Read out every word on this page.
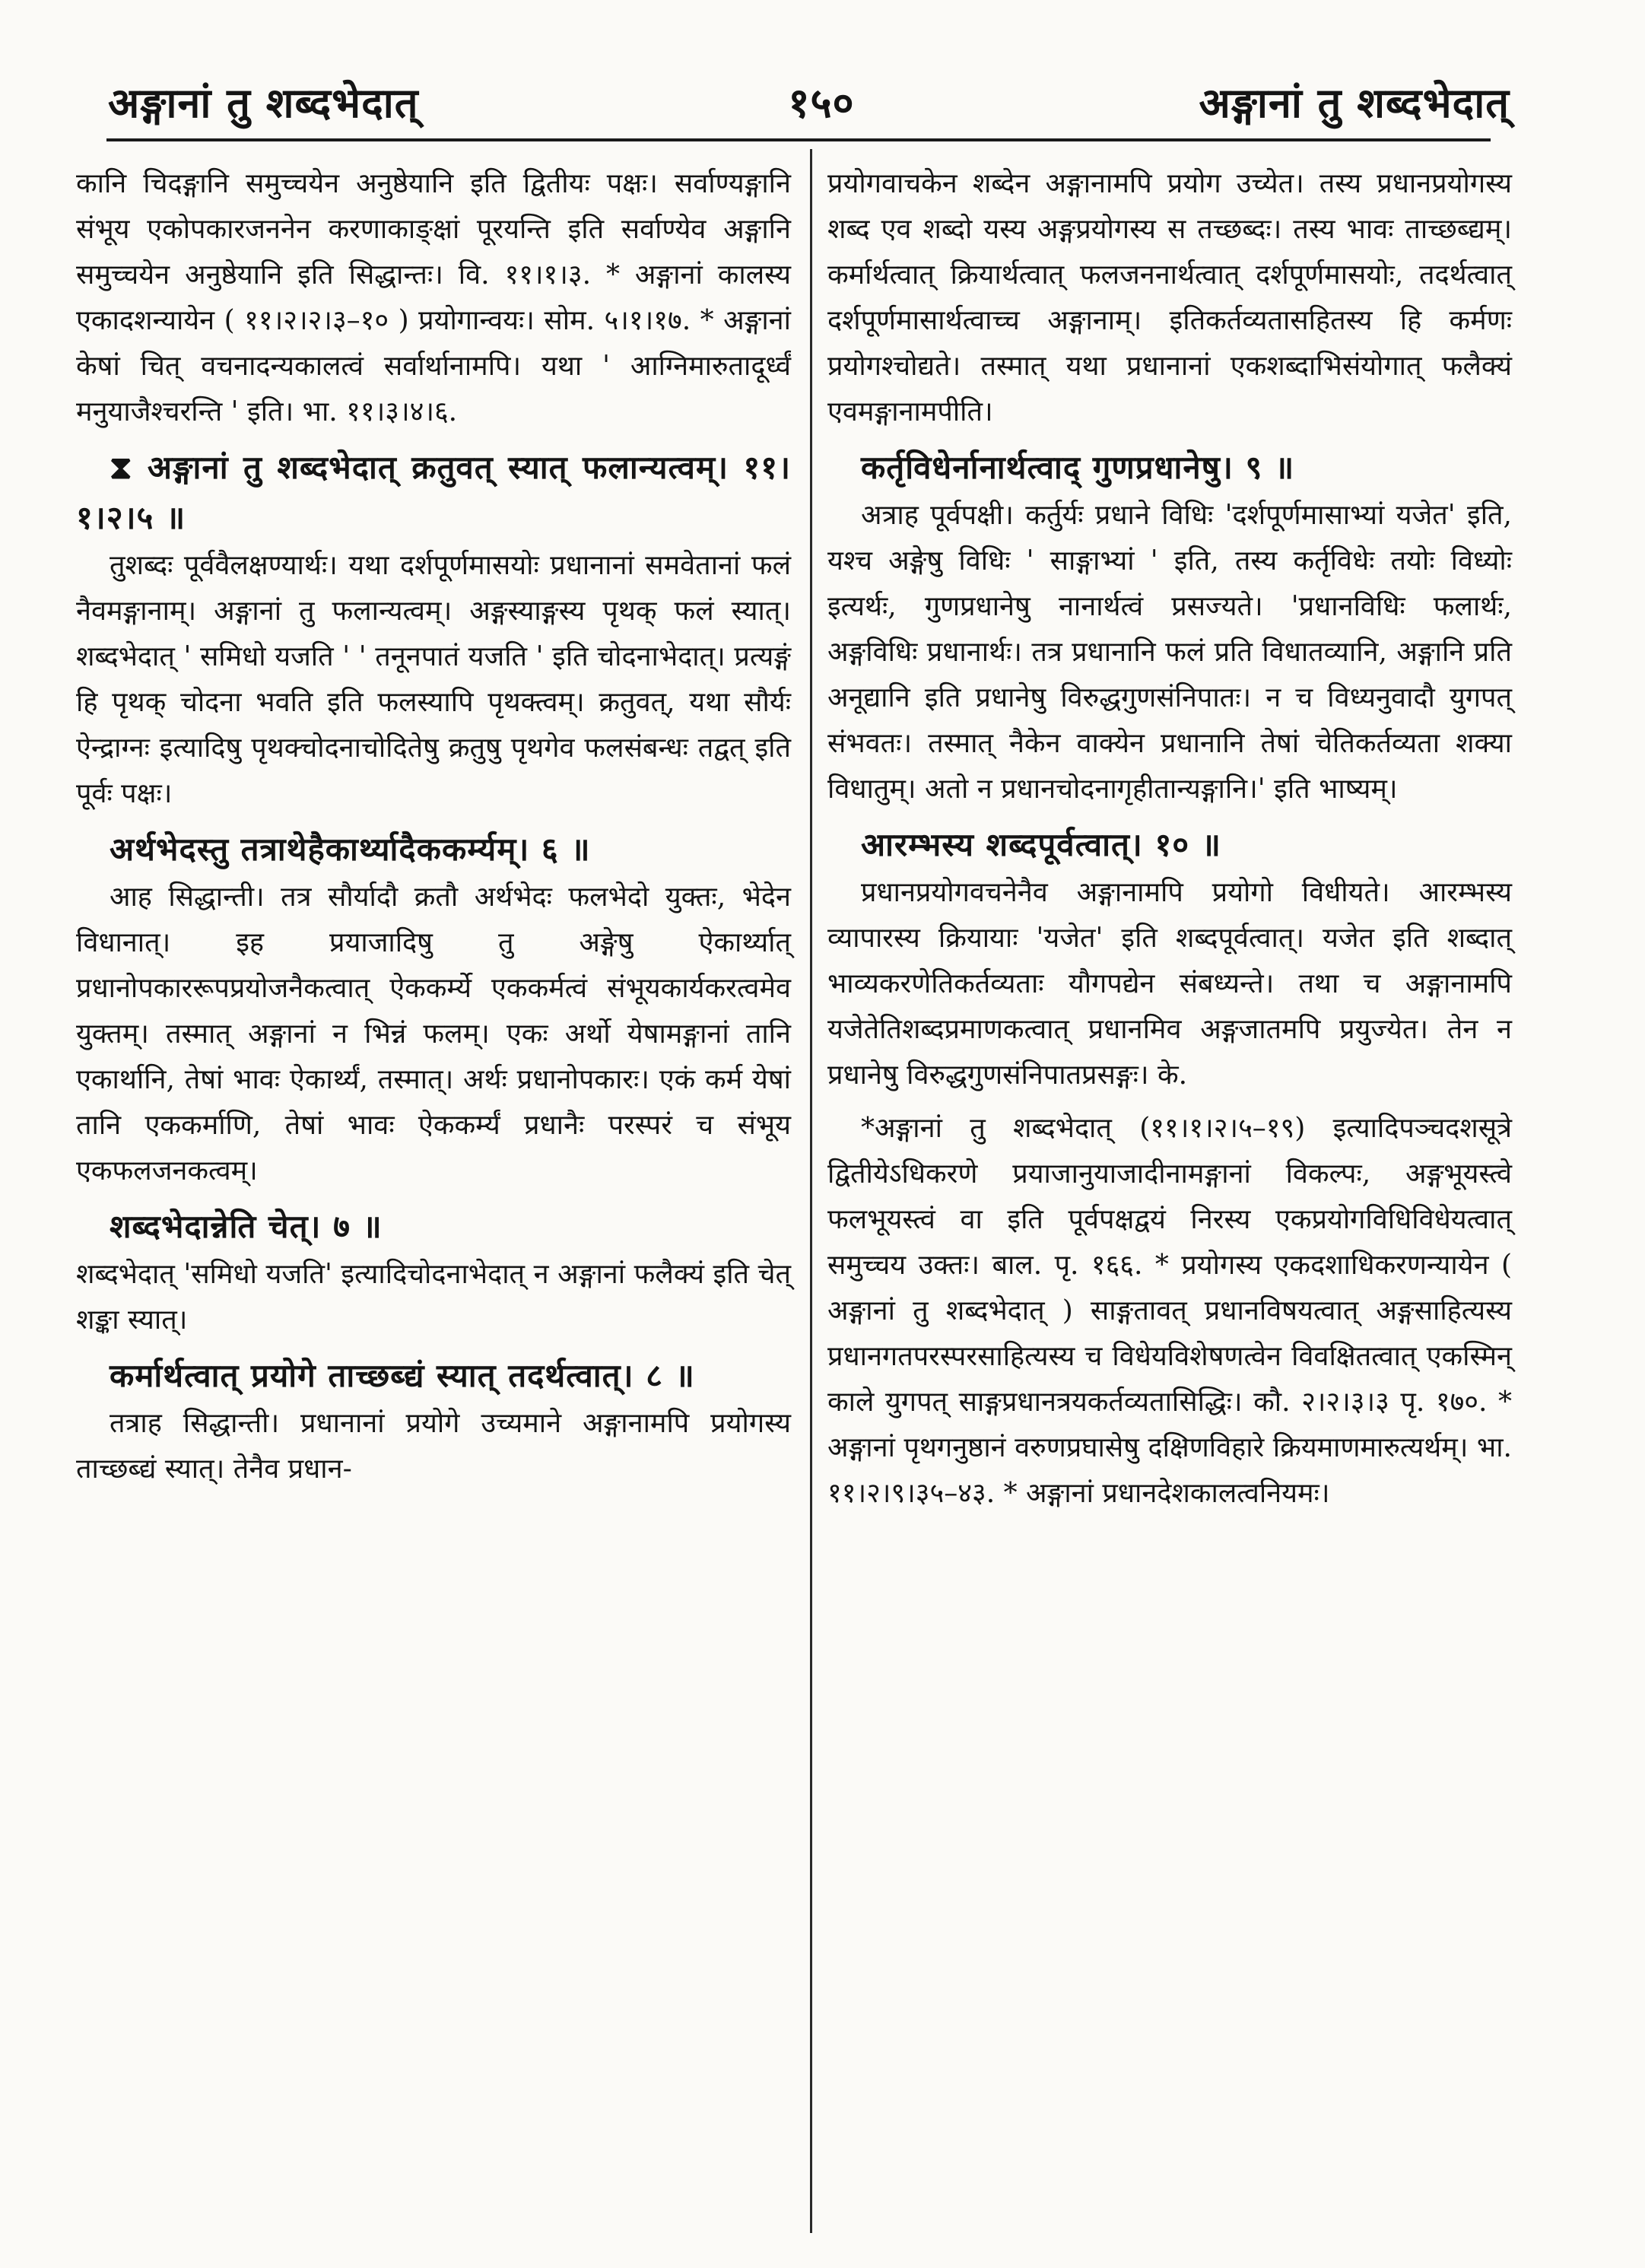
अङ्गानां तु शब्दभेदात्	१५०	अङ्गानां तु शब्दभेदात्

कानि चिदङ्गानि समुच्चयेन अनुष्ठेयानि इति द्वितीयः पक्षः। सर्वाण्यङ्गानि संभूय एकोपकारजननेन करणाकाङ्क्षां पूरयन्ति इति सर्वाण्येव अङ्गानि समुच्चयेन अनुष्ठेयानि इति सिद्धान्तः। वि. ११।१।३. * अङ्गानां कालस्य एकादशन्यायेन ( ११।२।२।३–१० ) प्रयोगान्वयः। सोम. ५।१।१७. * अङ्गानां केषां चित् वचनादन्यकालत्वं सर्वार्थानामपि। यथा ' आग्निमारुतादूर्ध्वं मनुयाजैश्चरन्ति ' इति। भा. ११।३।४।६.

⧗ अङ्गानां तु शब्दभेदात् क्रतुवत् स्यात् फलान्यत्वम्। ११।१।२।५ ॥

तुशब्दः पूर्ववैलक्षण्यार्थः। यथा दर्शपूर्णमासयोः प्रधानानां समवेतानां फलं नैवमङ्गानाम्। अङ्गानां तु फलान्यत्वम्। अङ्गस्याङ्गस्य पृथक् फलं स्यात्। शब्दभेदात् ' समिधो यजति ' ' तनूनपातं यजति ' इति चोदनाभेदात्। प्रत्यङ्गं हि पृथक् चोदना भवति इति फलस्यापि पृथक्त्वम्। क्रतुवत्, यथा सौर्यः ऐन्द्राग्नः इत्यादिषु पृथक्चोदनाचोदितेषु क्रतुषु पृथगेव फलसंबन्धः तद्वत् इति पूर्वः पक्षः।

अर्थभेदस्तु तत्राथेहैकार्थ्यादैककर्म्यम्। ६ ॥

आह सिद्धान्ती। तत्र सौर्यादौ क्रतौ अर्थभेदः फलभेदो युक्तः, भेदेन विधानात्। इह प्रयाजादिषु तु अङ्गेषु ऐकार्थ्यात् प्रधानोपकाररूपप्रयोजनैकत्वात् ऐककर्म्ये एककर्मत्वं संभूयकार्यकरत्वमेव युक्तम्। तस्मात् अङ्गानां न भिन्नं फलम्। एकः अर्थो येषामङ्गानां तानि एकार्थानि, तेषां भावः ऐकार्थ्यं, तस्मात्। अर्थः प्रधानोपकारः। एकं कर्म येषां तानि एककर्माणि, तेषां भावः ऐककर्म्यं प्रधानैः परस्परं च संभूय एकफलजनकत्वम्।

शब्दभेदान्नेति चेत्। ७ ॥

शब्दभेदात् 'समिधो यजति' इत्यादिचोदनाभेदात् न अङ्गानां फलैक्यं इति चेत् शङ्का स्यात्।

कर्मार्थत्वात् प्रयोगे ताच्छब्द्यं स्यात् तदर्थत्वात्। ८ ॥

तत्राह सिद्धान्ती। प्रधानानां प्रयोगे उच्यमाने अङ्गानामपि प्रयोगस्य ताच्छब्द्यं स्यात्। तेनैव प्रधान-

प्रयोगवाचकेन शब्देन अङ्गानामपि प्रयोग उच्येत। तस्य प्रधानप्रयोगस्य शब्द एव शब्दो यस्य अङ्गप्रयोगस्य स तच्छब्दः। तस्य भावः ताच्छब्द्यम्। कर्मार्थत्वात् क्रियार्थत्वात् फलजननार्थत्वात् दर्शपूर्णमासयोः, तदर्थत्वात् दर्शपूर्णमासार्थत्वाच्च अङ्गानाम्। इतिकर्तव्यतासहितस्य हि कर्मणः प्रयोगश्चोद्यते। तस्मात् यथा प्रधानानां एकशब्दाभिसंयोगात् फलैक्यं एवमङ्गानामपीति।

कर्तृविधेर्नानार्थत्वाद् गुणप्रधानेषु। ९ ॥

अत्राह पूर्वपक्षी। कर्तुर्यः प्रधाने विधिः 'दर्शपूर्णमासाभ्यां यजेत' इति, यश्च अङ्गेषु विधिः ' साङ्गाभ्यां ' इति, तस्य कर्तृविधेः तयोः विध्योः इत्यर्थः, गुणप्रधानेषु नानार्थत्वं प्रसज्यते। 'प्रधानविधिः फलार्थः, अङ्गविधिः प्रधानार्थः। तत्र प्रधानानि फलं प्रति विधातव्यानि, अङ्गानि प्रति अनूद्यानि इति प्रधानेषु विरुद्धगुणसंनिपातः। न च विध्यनुवादौ युगपत् संभवतः। तस्मात् नैकेन वाक्येन प्रधानानि तेषां चेतिकर्तव्यता शक्या विधातुम्। अतो न प्रधानचोदनागृहीतान्यङ्गानि।' इति भाष्यम्।

आरम्भस्य शब्दपूर्वत्वात्। १० ॥

प्रधानप्रयोगवचनेनैव अङ्गानामपि प्रयोगो विधीयते। आरम्भस्य व्यापारस्य क्रियायाः 'यजेत' इति शब्दपूर्वत्वात्। यजेत इति शब्दात् भाव्यकरणेतिकर्तव्यताः यौगपद्येन संबध्यन्ते। तथा च अङ्गानामपि यजेतेतिशब्दप्रमाणकत्वात् प्रधानमिव अङ्गजातमपि प्रयुज्येत। तेन न प्रधानेषु विरुद्धगुणसंनिपातप्रसङ्गः। के.

*अङ्गानां तु शब्दभेदात् (११।१।२।५–१९) इत्यादिपञ्चदशसूत्रे द्वितीयेऽधिकरणे प्रयाजानुयाजादीनामङ्गानां विकल्पः, अङ्गभूयस्त्वे फलभूयस्त्वं वा इति पूर्वपक्षद्वयं निरस्य एकप्रयोगविधिविधेयत्वात् समुच्चय उक्तः। बाल. पृ. १६६. * प्रयोगस्य एकदशाधिकरणन्यायेन ( अङ्गानां तु शब्दभेदात् ) साङ्गतावत् प्रधानविषयत्वात् अङ्गसाहित्यस्य प्रधानगतपरस्परसाहित्यस्य च विधेयविशेषणत्वेन विवक्षितत्वात् एकस्मिन् काले युगपत् साङ्गप्रधानत्रयकर्तव्यतासिद्धिः। कौ. २।२।३।३ पृ. १७०. * अङ्गानां पृथगनुष्ठानं वरुणप्रघासेषु दक्षिणविहारे क्रियमाणमारुत्यर्थम्। भा. ११।२।९।३५–४३. * अङ्गानां प्रधानदेशकालत्वनियमः।
